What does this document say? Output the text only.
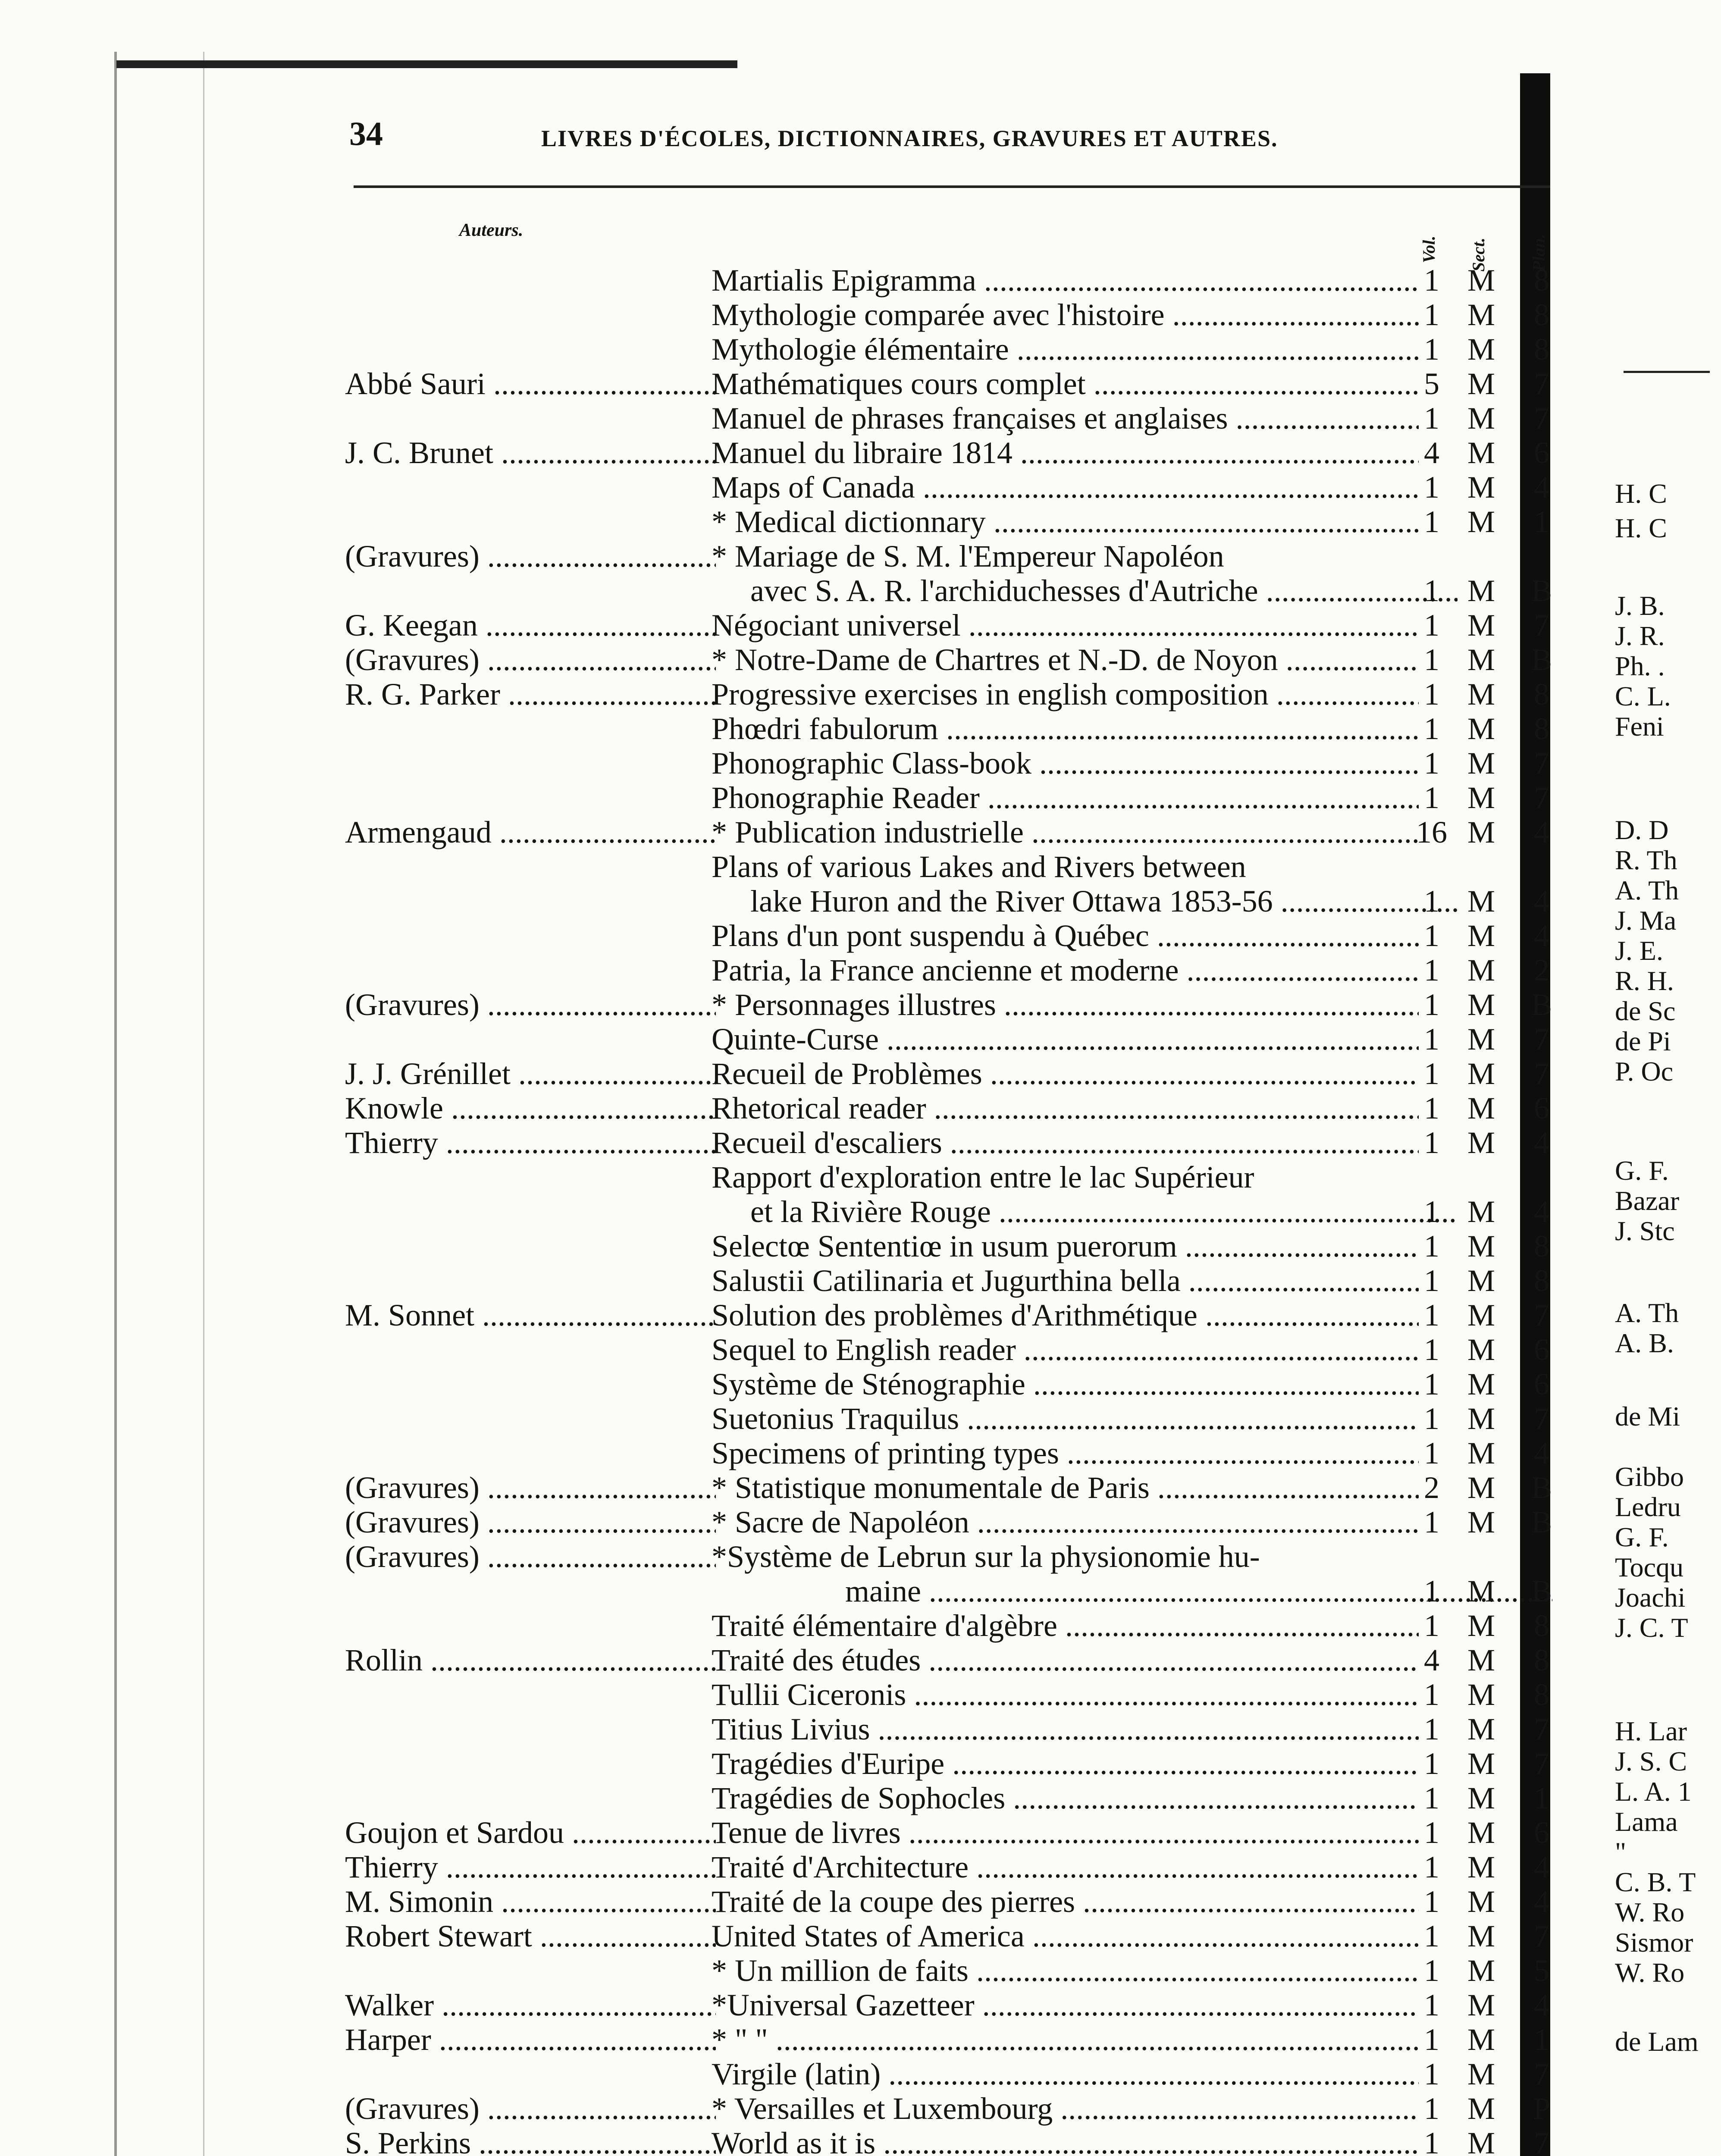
34	LIVRES D'ÉCOLES, DICTIONNAIRES, GRAVURES ET AUTRES.
Auteurs.
Vol. Sect. Plan.
Martialis Epigramma .....	1 M	8
Mythologie comparée avec l'histoire .....	1 M	8
Mythologie élémentaire .....	1 M	8
Abbé Sauri .....	Mathématiques cours complet .....	5 M	7
Manuel de phrases françaises et anglaises .....	1 M	7
J. C. Brunet .....	Manuel du libraire 1814 .....	4 M	6
Maps of Canada .....	1 M	4
* Medical dictionnary .....	1 M	1
(Gravures) .....	* Mariage de S. M. l'Empereur Napoléon
avec S. A. R. l'archiduchesses d'Autriche .....	1 M B
G. Keegan .....	Négociant universel .....	1 M	7
(Gravures) .....	* Notre-Dame de Chartres et N.-D. de Noyon .....	1 M B
R. G. Parker .....	Progressive exercises in english composition .....	1 M	8
Phœdri fabulorum .....	1 M	8
Phonographic Class-book .....	1 M	7
Phonographie Reader .....	1 M	7
Armengaud .....	* Publication industrielle .....	16 M	4
Plans of various Lakes and Rivers between
lake Huron and the River Ottawa 1853-56 .....	1 M	4
Plans d'un pont suspendu à Québec .....	1 M	4
Patria, la France ancienne et moderne .....	1 M	2
(Gravures) .....	* Personnages illustres .....	1 M B
Quinte-Curse .....	1 M	7
J. J. Grénillet .....	Recueil de Problèmes .....	1 M	7
Knowle .....	Rhetorical reader .....	1 M	6
Thierry .....	Recueil d'escaliers .....	1 M	4
Rapport d'exploration entre le lac Supérieur
et la Rivière Rouge .....	1 M	4
Selectœ Sententiœ in usum puerorum .....	1 M	8
Salustii Catilinaria et Jugurthina bella .....	1 M	8
M. Sonnet .....	Solution des problèmes d'Arithmétique .....	1 M	7
Sequel to English reader .....	1 M	6
Système de Sténographie .....	1 M	6
Suetonius Traquilus .....	1 M	7
Specimens of printing types .....	1 M	4
(Gravures) .....	* Statistique monumentale de Paris .....	2 M B
(Gravures) .....	* Sacre de Napoléon .....	1 M B
(Gravures) .....	*Système de Lebrun sur la physionomie hu-
maine .....	1 M B
Traité élémentaire d'algèbre .....	1 M	8
Rollin .....	Traité des études .....	4 M	8
Tullii Ciceronis .....	1 M	8
Titius Livius .....	1 M	7
Tragédies d'Euripe .....	1 M	7
Tragédies de Sophocles .....	1 M	1
Goujon et Sardou .....	Tenue de livres .....	1 M	6
Thierry .....	Traité d'Architecture .....	1 M	4
M. Simonin .....	Traité de la coupe des pierres .....	1 M	4
Robert Stewart .....	United States of America .....	1 M	7
* Un million de faits .....	1 M	5
Walker .....	*Universal Gazetteer .....	1 M	4
Harper .....	* " " .....	1 M	1
Virgile (latin) .....	1 M	7
(Gravures) .....	* Versailles et Luxembourg .....	1 M	P
S. Perkins .....	World as it is .....	1 M	7
H. C
H. C
J. B.
J. R.
Ph. .
C. L.
Feni
D. D
R. Th
A. Th
J. Ma
J. E.
R. H.
de Sc
de Pi
P. Oc
G. F.
Bazar
J. Stc
A. Th
A. B.
de Mi
Gibbo
Ledru
G. F.
Tocqu
Joachi
J. C. T
H. Lar
J. S. C
L. A. 1
Lama
"
C. B. T
W. Ro
Sismor
W. Ro
de Lam
